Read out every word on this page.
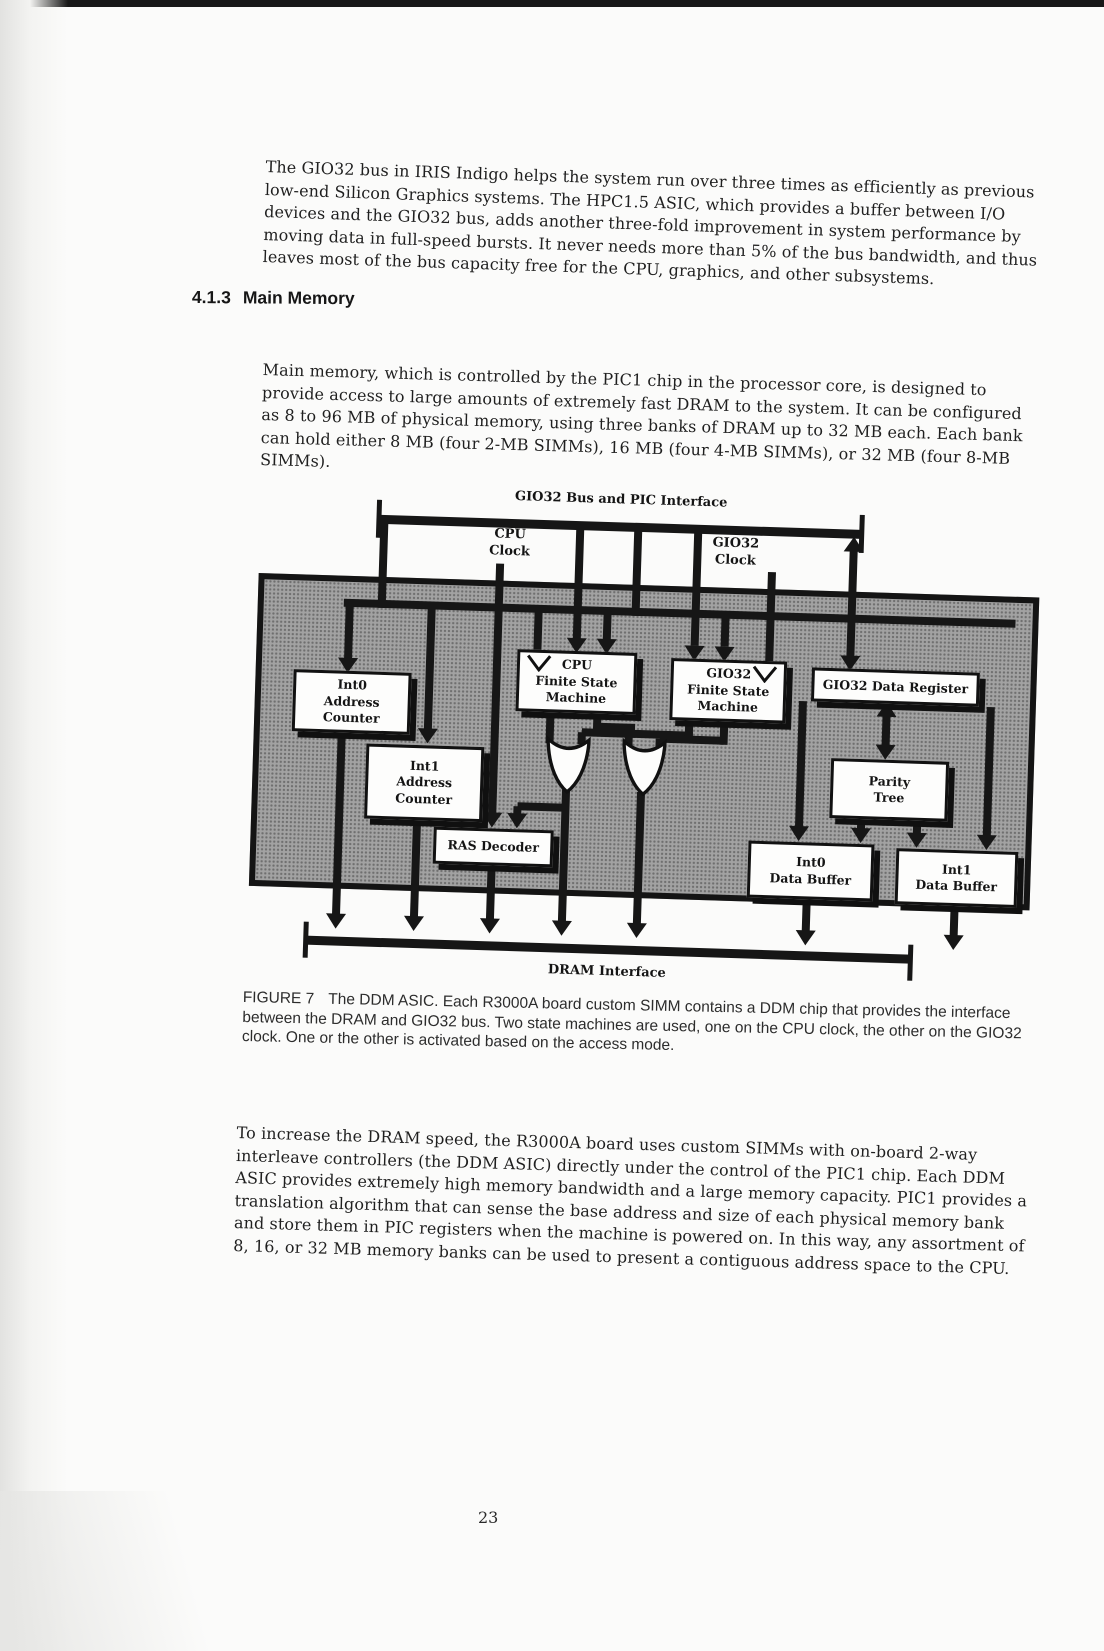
The GIO32 bus in IRIS Indigo helps the system run over three times as efficiently as previous low-end Silicon Graphics systems. The HPC1.5 ASIC, which provides a buffer between I/O devices and the GIO32 bus, adds another three-fold improvement in system performance by moving data in full-speed bursts. It never needs more than 5% of the bus bandwidth, and thus leaves most of the bus capacity free for the CPU, graphics, and other subsystems.

4.1.3 Main Memory

Main memory, which is controlled by the PIC1 chip in the processor core, is designed to provide access to large amounts of extremely fast DRAM to the system. It can be configured as 8 to 96 MB of physical memory, using three banks of DRAM up to 32 MB each. Each bank can hold either 8 MB (four 2-MB SIMMs), 16 MB (four 4-MB SIMMs), or 32 MB (four 8-MB SIMMs).

GIO32 Bus and PIC Interface
CPU
Clock	GIO32
Clock
Int0
Address
Counter
Int1
Address
Counter
CPU
Finite State
Machine
GIO32
Finite State
Machine
GIO32 Data Register
Parity
Tree
RAS Decoder
Int0
Data Buffer
Int1
Data Buffer
DRAM Interface
FIGURE 7 The DDM ASIC. Each R3000A board custom SIMM contains a DDM chip that provides the interface between the DRAM and GIO32 bus. Two state machines are used, one on the CPU clock, the other on the GIO32 clock. One or the other is activated based on the access mode.

To increase the DRAM speed, the R3000A board uses custom SIMMs with on-board 2-way interleave controllers (the DDM ASIC) directly under the control of the PIC1 chip. Each DDM ASIC provides extremely high memory bandwidth and a large memory capacity. PIC1 provides a translation algorithm that can sense the base address and size of each physical memory bank and store them in PIC registers when the machine is powered on. In this way, any assortment of 8, 16, or 32 MB memory banks can be used to present a contiguous address space to the CPU.

23
